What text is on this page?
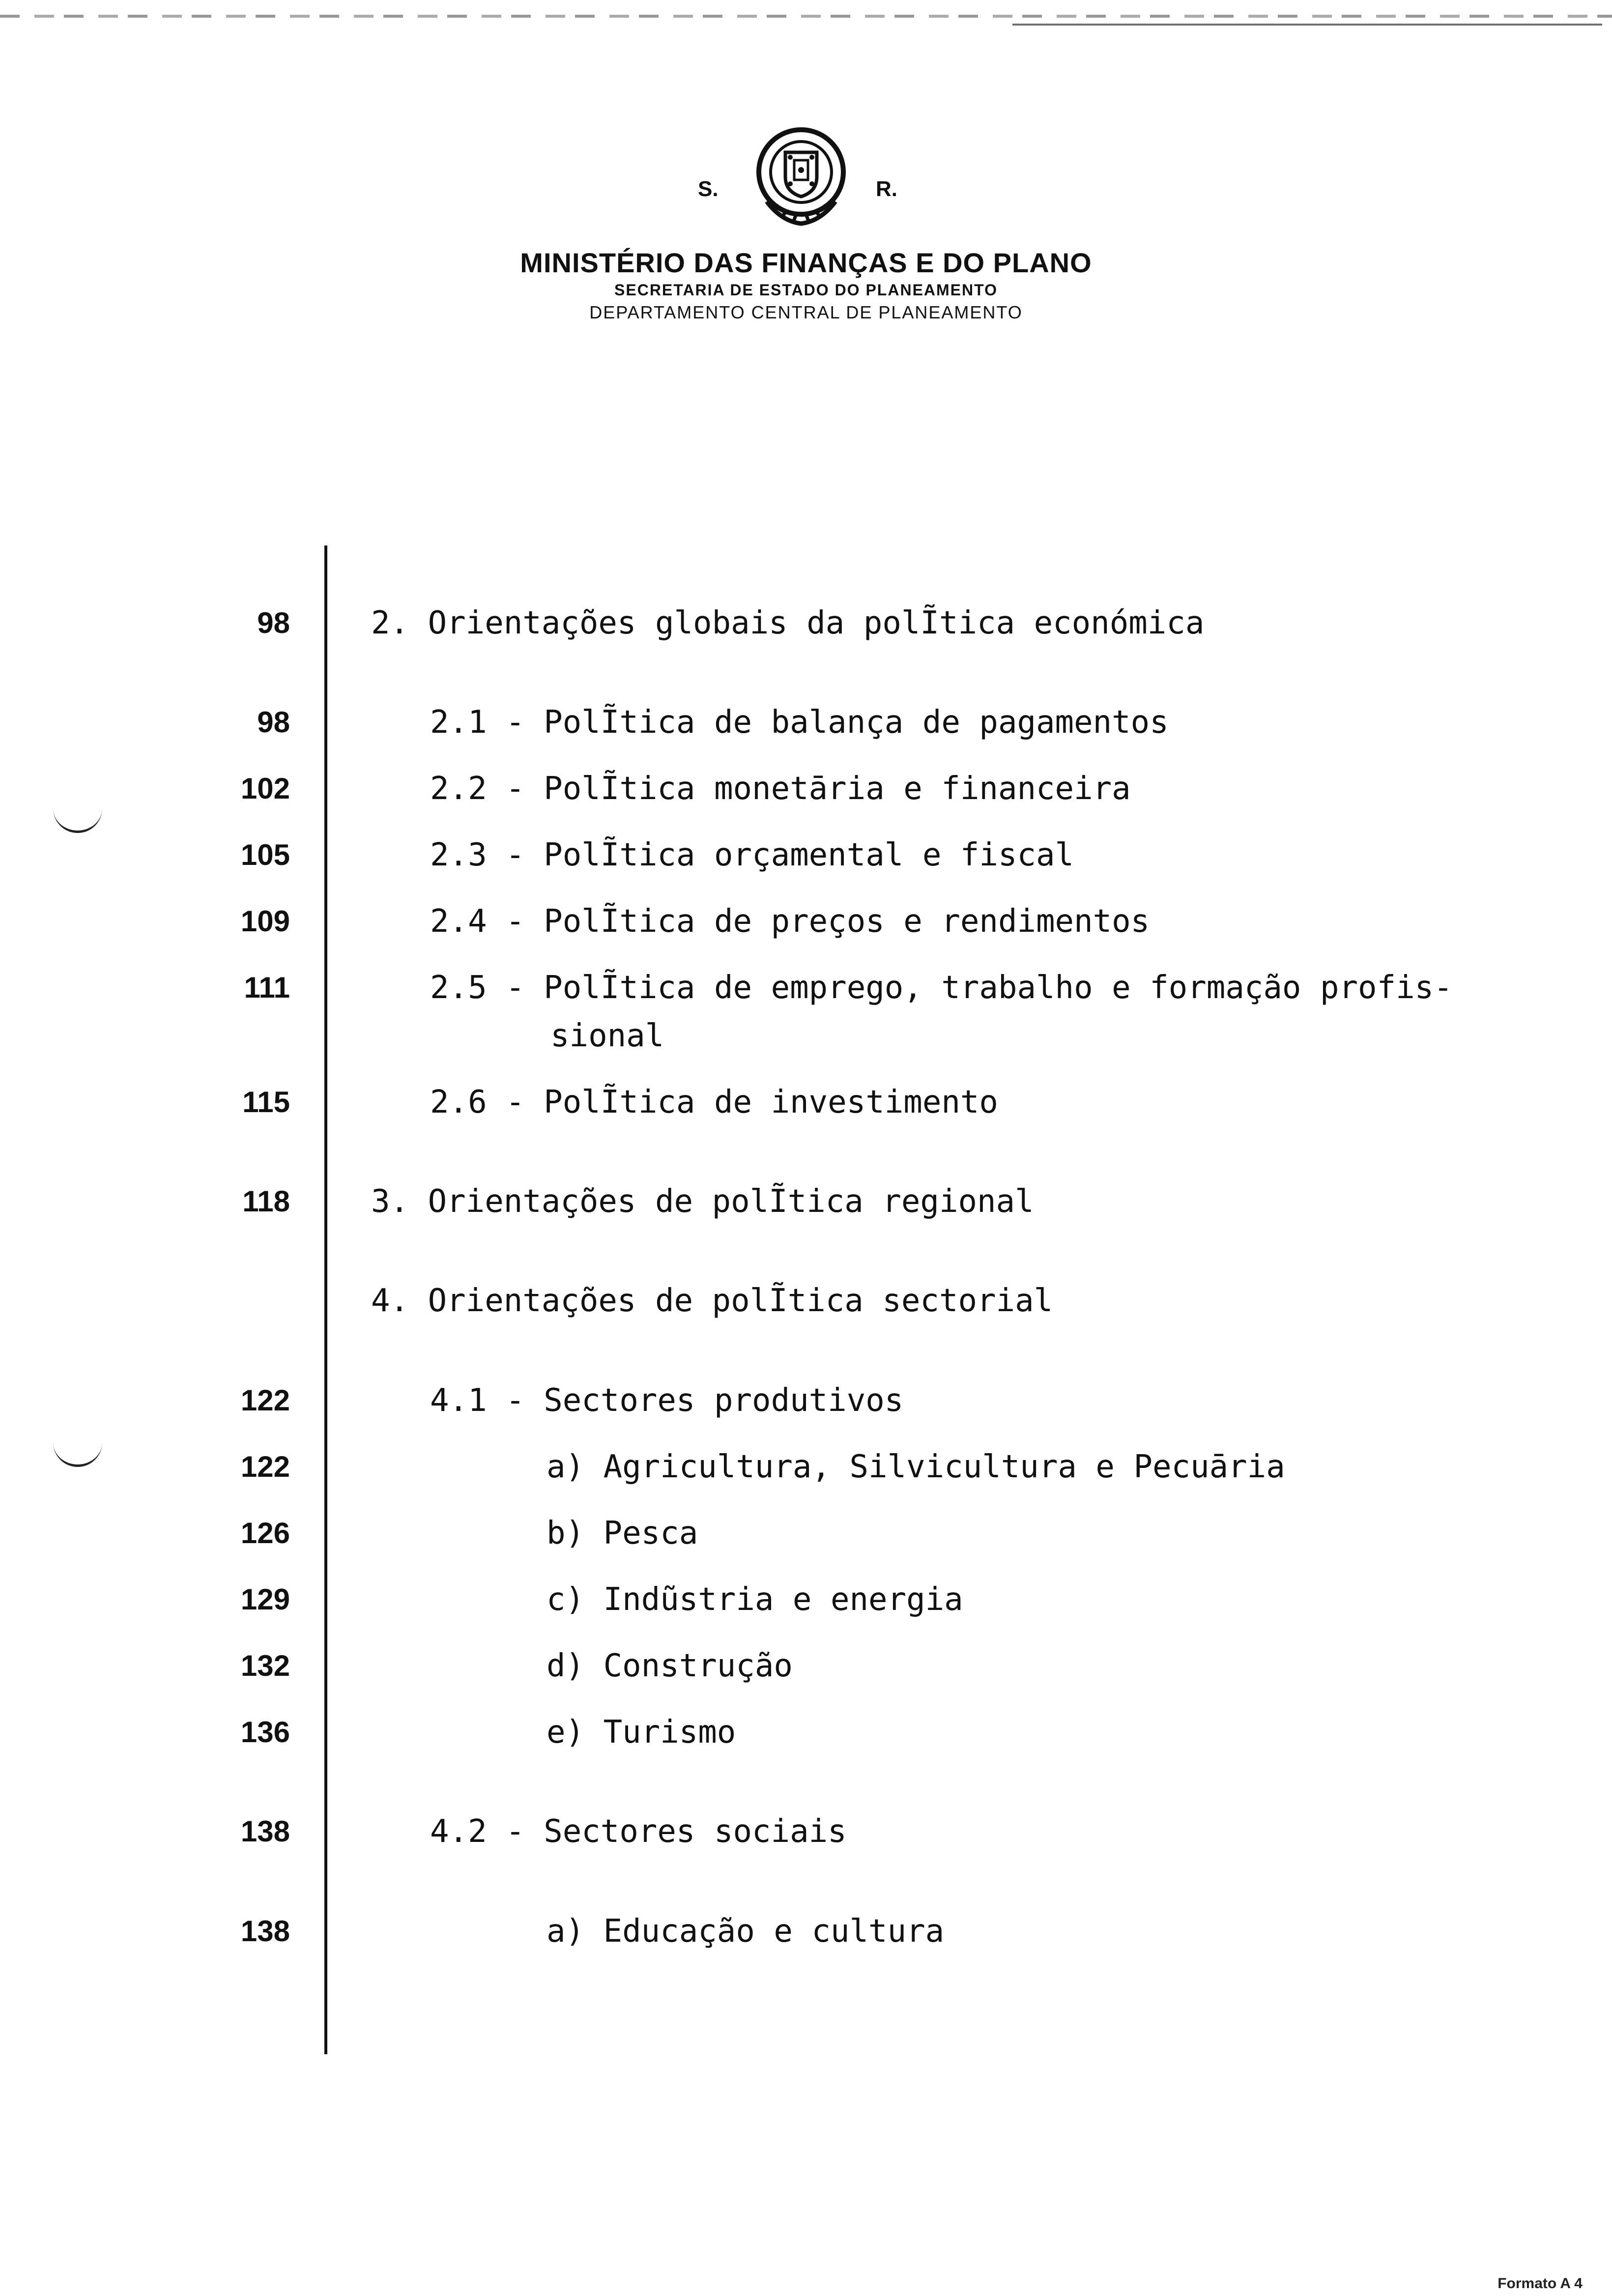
S.	R.
MINISTÉRIO DAS FINANÇAS E DO PLANO
SECRETARIA DE ESTADO DO PLANEAMENTO
DEPARTAMENTO CENTRAL DE PLANEAMENTO
98	2. Orientações globais da polĨtica económica
98	2.1 - PolĨtica de balança de pagamentos
102	2.2 - PolĨtica monetāria e financeira
105	2.3 - PolĨtica orçamental e fiscal
109	2.4 - PolĨtica de preços e rendimentos
111	2.5 - PolĨtica de emprego, trabalho e formação profis-
sional
115	2.6 - PolĨtica de investimento
118	3. Orientações de polĨtica regional
4. Orientações de polĨtica sectorial
122	4.1 - Sectores produtivos
122	a) Agricultura, Silvicultura e Pecuāria
126	b) Pesca
129	c) Indũstria e energia
132	d) Construção
136	e) Turismo
138	4.2 - Sectores sociais
138	a) Educação e cultura
Formato A 4
